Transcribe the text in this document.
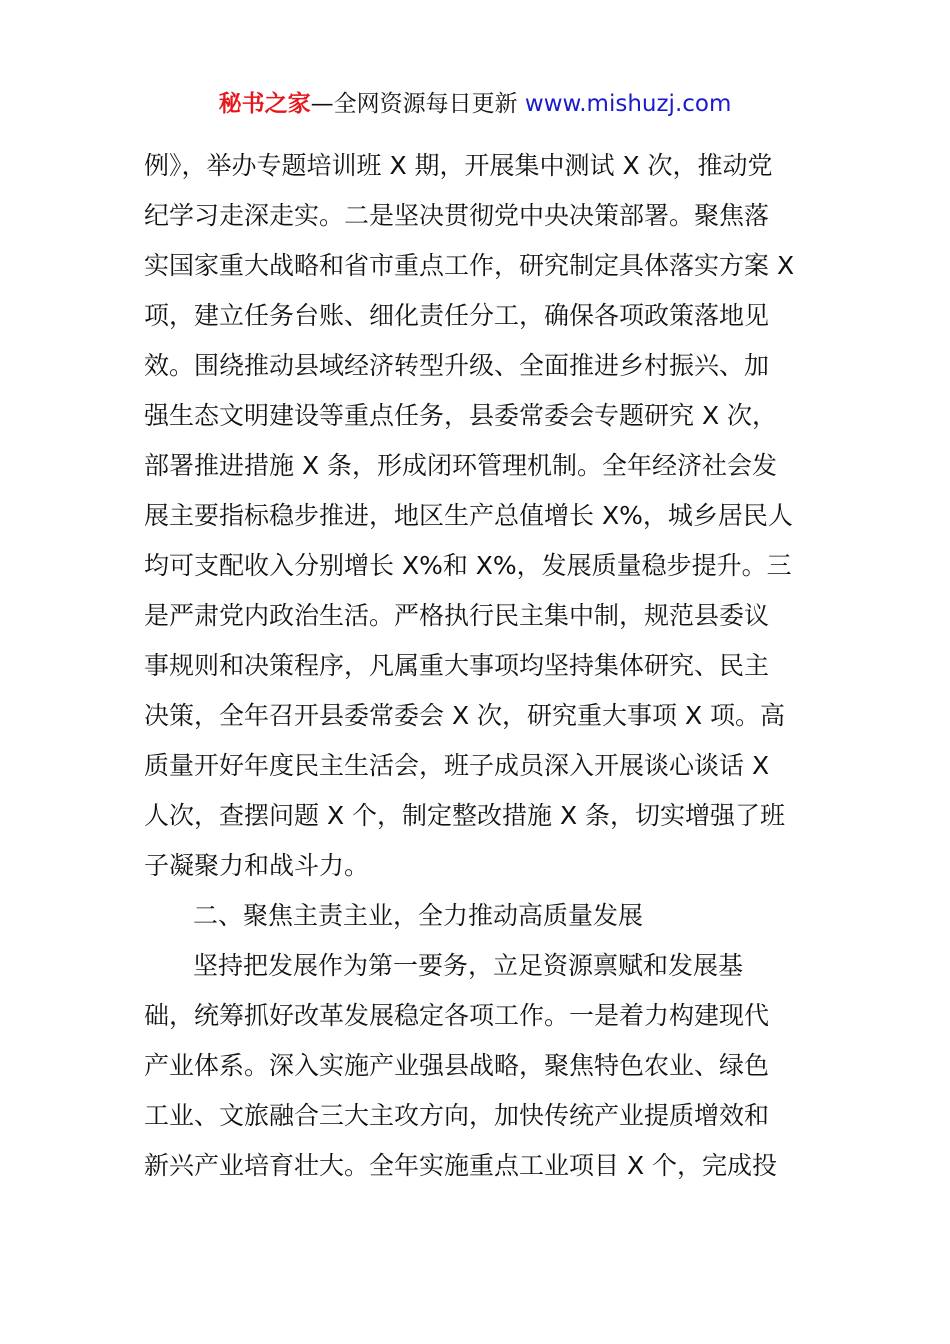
秘书之家—全网资源每日更新 www.mishuzj.com
例》，举办专题培训班 X 期，开展集中测试 X 次，推动党
纪学习走深走实。二是坚决贯彻党中央决策部署。聚焦落
实国家重大战略和省市重点工作，研究制定具体落实方案 X
项，建立任务台账、细化责任分工，确保各项政策落地见
效。围绕推动县域经济转型升级、全面推进乡村振兴、加
强生态文明建设等重点任务，县委常委会专题研究 X 次，
部署推进措施 X 条，形成闭环管理机制。全年经济社会发
展主要指标稳步推进，地区生产总值增长 X%，城乡居民人
均可支配收入分别增长 X%和 X%，发展质量稳步提升。三
是严肃党内政治生活。严格执行民主集中制，规范县委议
事规则和决策程序，凡属重大事项均坚持集体研究、民主
决策，全年召开县委常委会 X 次，研究重大事项 X 项。高
质量开好年度民主生活会，班子成员深入开展谈心谈话 X
人次，查摆问题 X 个，制定整改措施 X 条，切实增强了班
子凝聚力和战斗力。
二、聚焦主责主业，全力推动高质量发展
坚持把发展作为第一要务，立足资源禀赋和发展基
础，统筹抓好改革发展稳定各项工作。一是着力构建现代
产业体系。深入实施产业强县战略，聚焦特色农业、绿色
工业、文旅融合三大主攻方向，加快传统产业提质增效和
新兴产业培育壮大。全年实施重点工业项目 X 个，完成投
